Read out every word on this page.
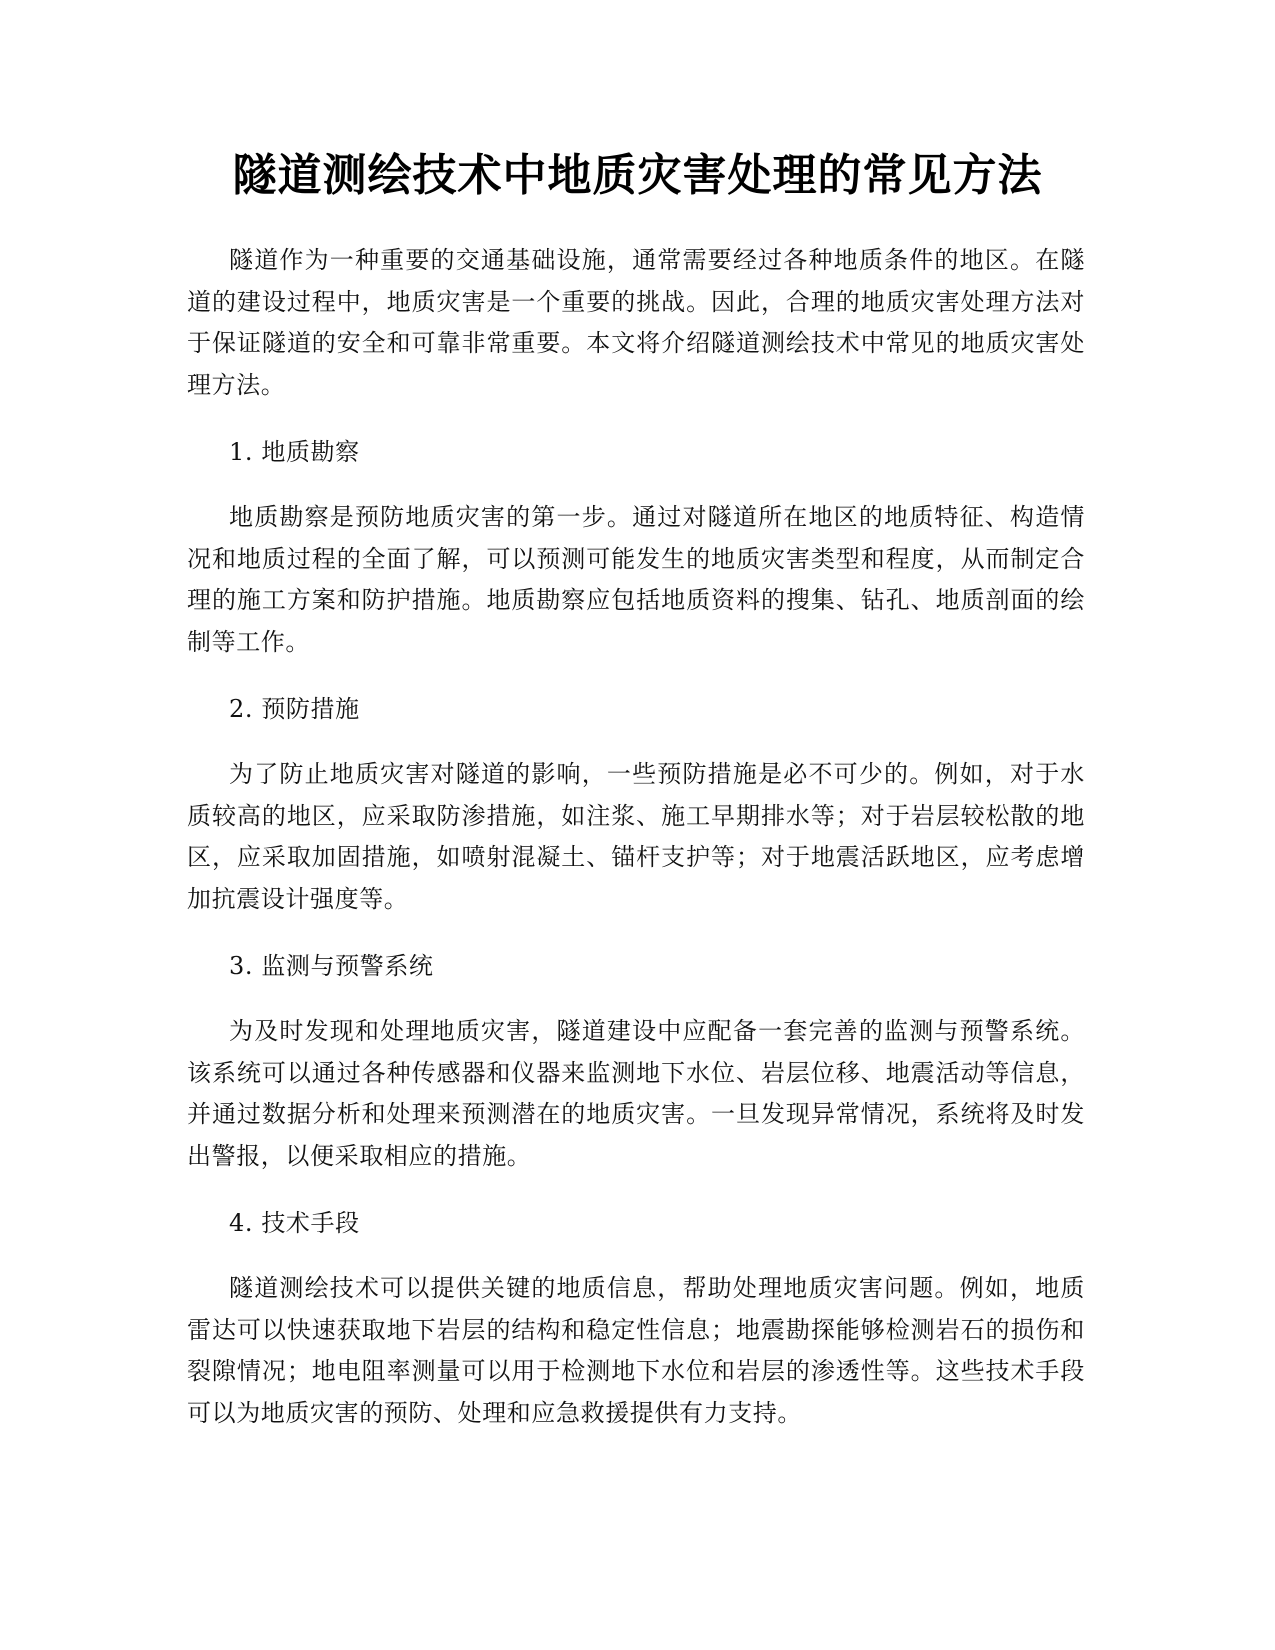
隧道测绘技术中地质灾害处理的常见方法

隧道作为一种重要的交通基础设施，通常需要经过各种地质条件的地区。在隧道的建设过程中，地质灾害是一个重要的挑战。因此，合理的地质灾害处理方法对于保证隧道的安全和可靠非常重要。本文将介绍隧道测绘技术中常见的地质灾害处理方法。

1. 地质勘察

地质勘察是预防地质灾害的第一步。通过对隧道所在地区的地质特征、构造情况和地质过程的全面了解，可以预测可能发生的地质灾害类型和程度，从而制定合理的施工方案和防护措施。地质勘察应包括地质资料的搜集、钻孔、地质剖面的绘制等工作。

2. 预防措施

为了防止地质灾害对隧道的影响，一些预防措施是必不可少的。例如，对于水质较高的地区，应采取防渗措施，如注浆、施工早期排水等；对于岩层较松散的地区，应采取加固措施，如喷射混凝土、锚杆支护等；对于地震活跃地区，应考虑增加抗震设计强度等。

3. 监测与预警系统

为及时发现和处理地质灾害，隧道建设中应配备一套完善的监测与预警系统。该系统可以通过各种传感器和仪器来监测地下水位、岩层位移、地震活动等信息，并通过数据分析和处理来预测潜在的地质灾害。一旦发现异常情况，系统将及时发出警报，以便采取相应的措施。

4. 技术手段

隧道测绘技术可以提供关键的地质信息，帮助处理地质灾害问题。例如，地质雷达可以快速获取地下岩层的结构和稳定性信息；地震勘探能够检测岩石的损伤和裂隙情况；地电阻率测量可以用于检测地下水位和岩层的渗透性等。这些技术手段可以为地质灾害的预防、处理和应急救援提供有力支持。
